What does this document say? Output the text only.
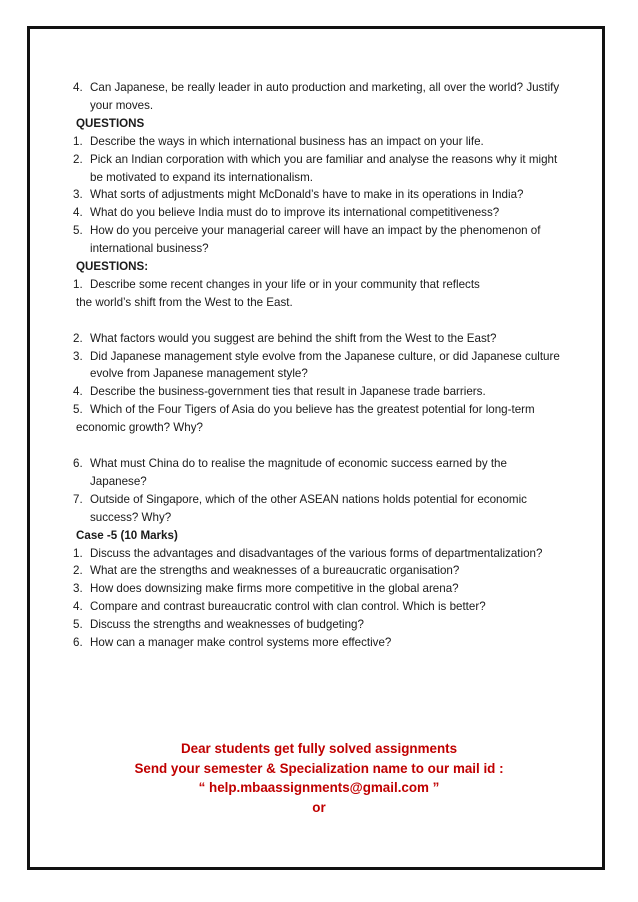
4. Can Japanese, be really leader in auto production and marketing, all over the world? Justify your moves.
QUESTIONS
1. Describe the ways in which international business has an impact on your life.
2. Pick an Indian corporation with which you are familiar and analyse the reasons why it might be motivated to expand its internationalism.
3. What sorts of adjustments might McDonald’s have to make in its operations in India?
4. What do you believe India must do to improve its international competitiveness?
5. How do you perceive your managerial career will have an impact by the phenomenon of international business?
QUESTIONS:
1. Describe some recent changes in your life or in your community that reflects
the world’s shift from the West to the East.
2. What factors would you suggest are behind the shift from the West to the East?
3. Did Japanese management style evolve from the Japanese culture, or did Japanese culture evolve from Japanese management style?
4. Describe the business-government ties that result in Japanese trade barriers.
5. Which of the Four Tigers of Asia do you believe has the greatest potential for long-term
economic growth? Why?
6. What must China do to realise the magnitude of economic success earned by the Japanese?
7. Outside of Singapore, which of the other ASEAN nations holds potential for economic success? Why?
Case -5 (10 Marks)
1. Discuss the advantages and disadvantages of the various forms of departmentalization?
2. What are the strengths and weaknesses of a bureaucratic organisation?
3. How does downsizing make firms more competitive in the global arena?
4. Compare and contrast bureaucratic control with clan control. Which is better?
5. Discuss the strengths and weaknesses of budgeting?
6. How can a manager make control systems more effective?
Dear students get fully solved assignments
Send your semester & Specialization name to our mail id :
“ help.mbaassignments@gmail.com ”
or
